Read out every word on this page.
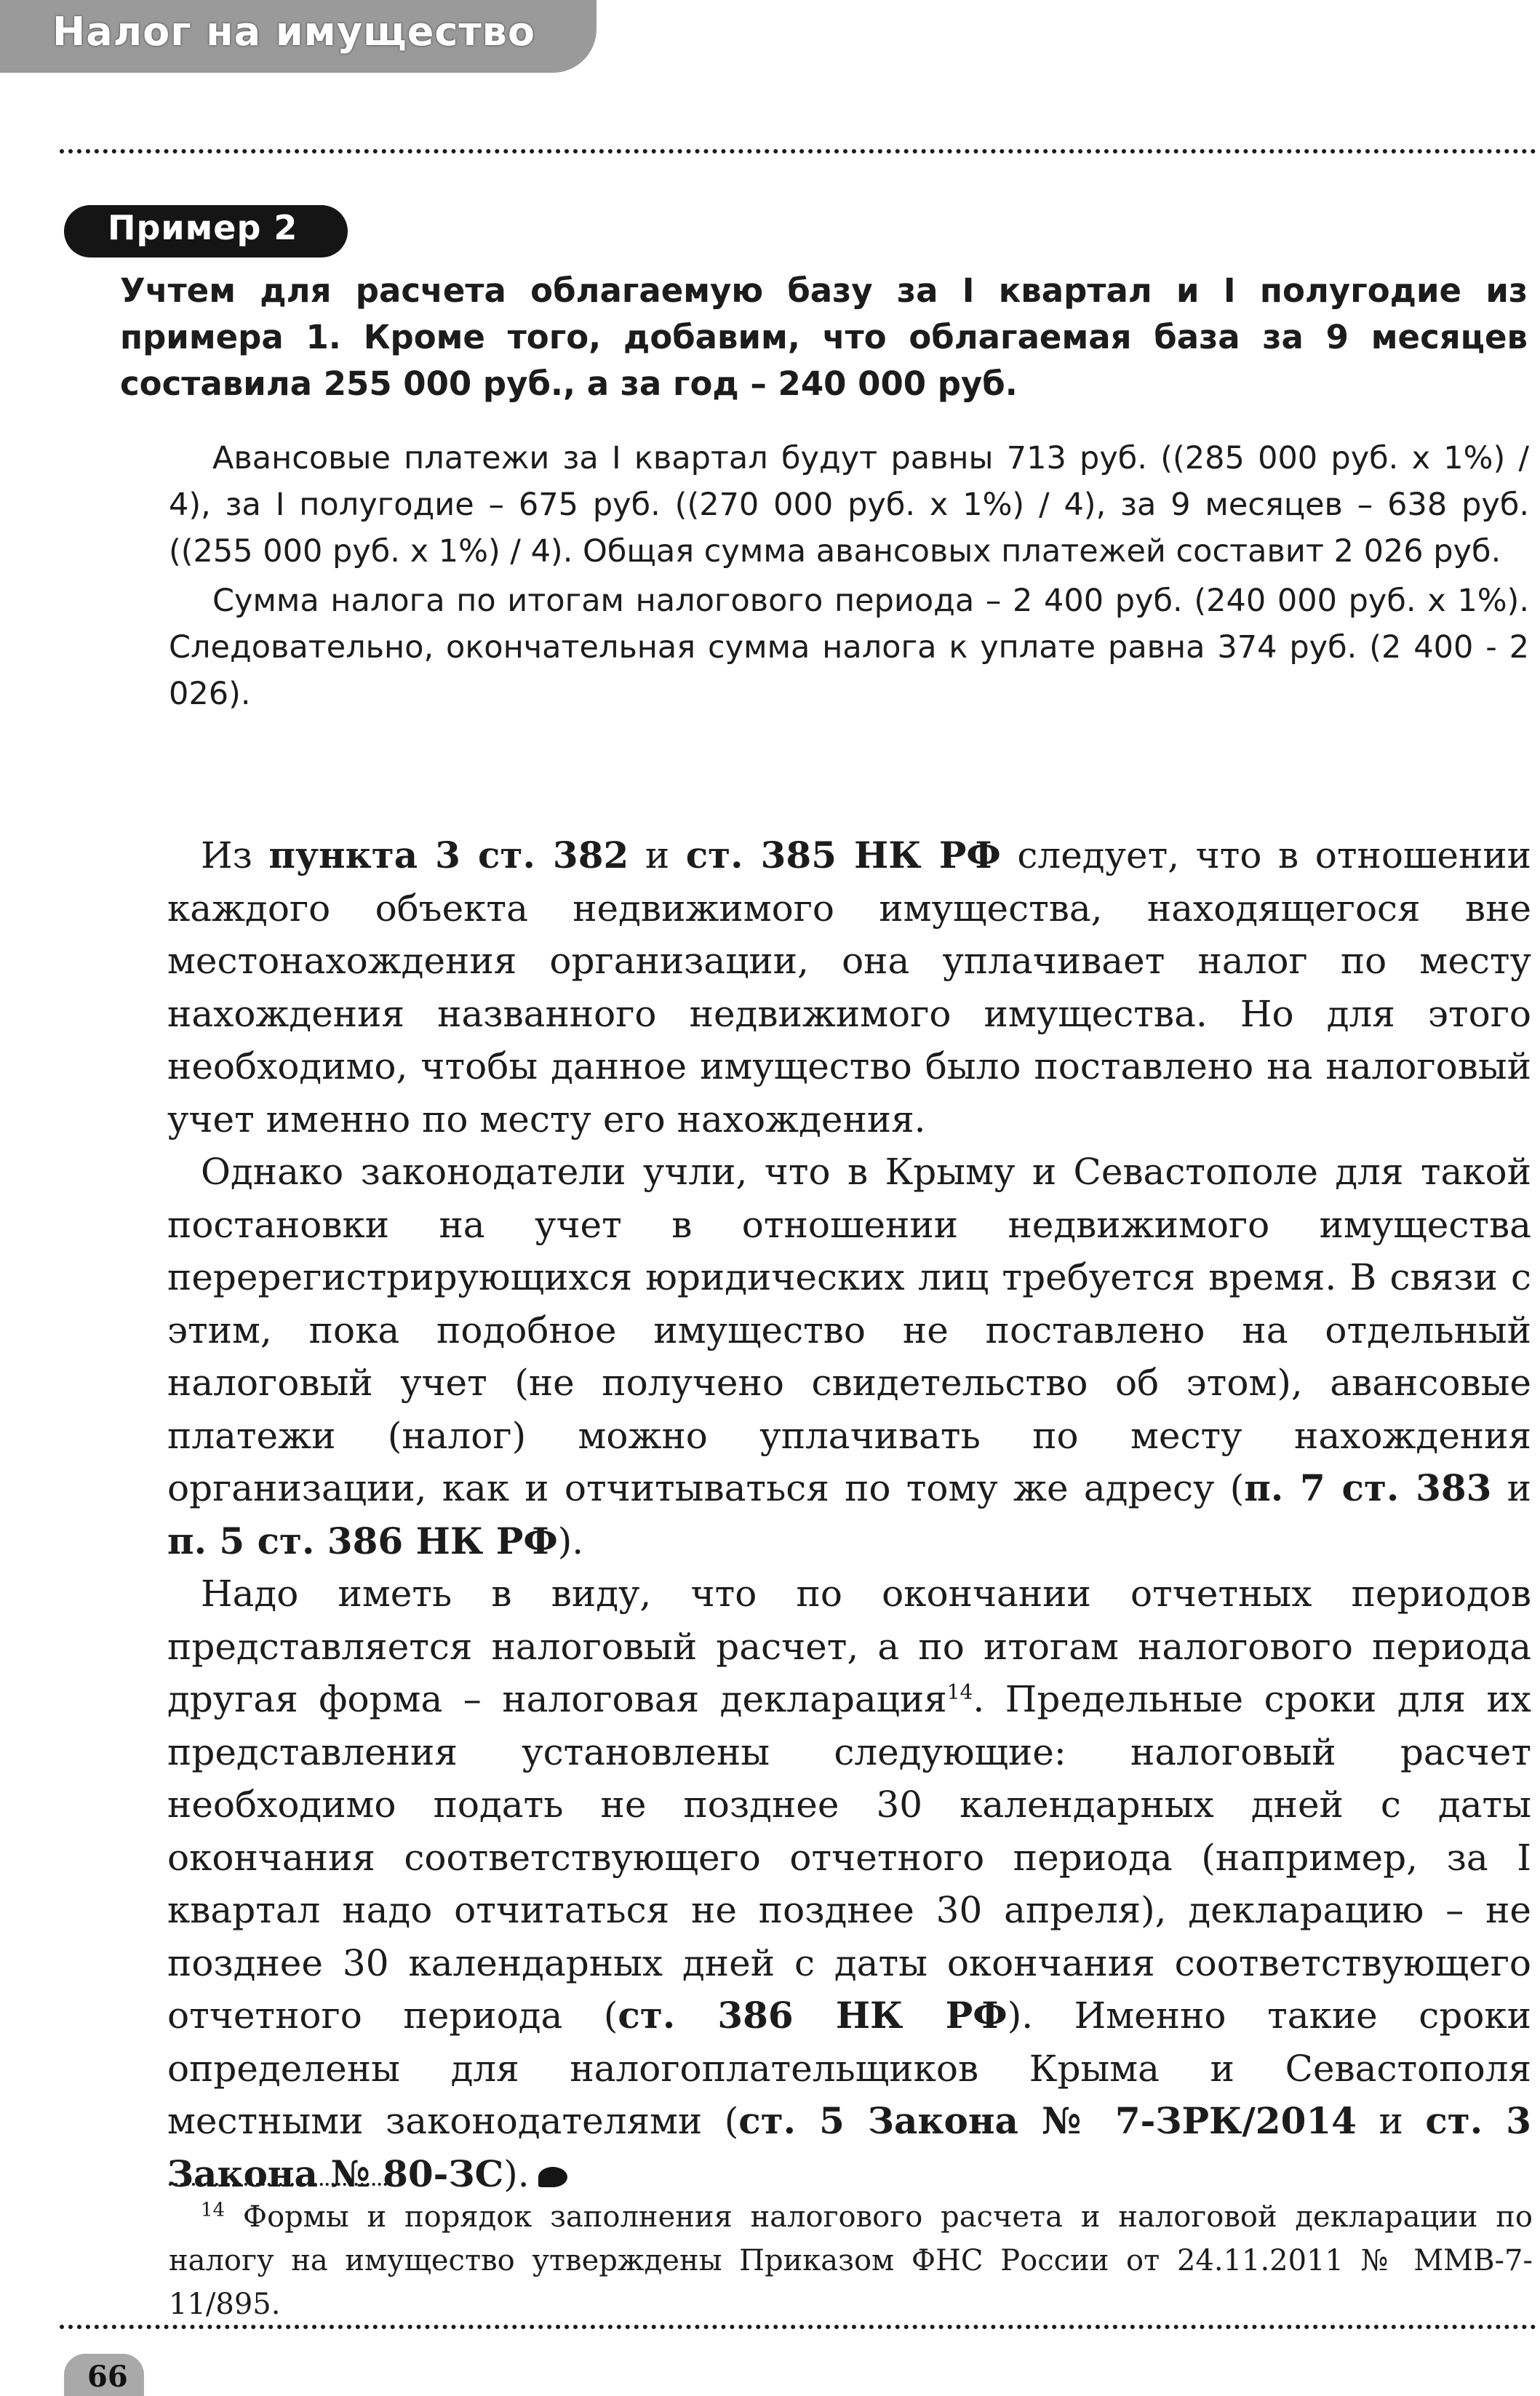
Налог на имущество
Пример 2

Учтем для расчета облагаемую базу за I квартал и I полугодие из примера 1. Кроме того, добавим, что облагаемая база за 9 месяцев составила 255 000 руб., а за год – 240 000 руб.

Авансовые платежи за I квартал будут равны 713 руб. ((285 000 руб. x 1%) / 4), за I полугодие – 675 руб. ((270 000 руб. x 1%) / 4), за 9 месяцев – 638 руб. ((255 000 руб. x 1%) / 4). Общая сумма авансовых платежей составит 2 026 руб.

Сумма налога по итогам налогового периода – 2 400 руб. (240 000 руб. x 1%). Следовательно, окончательная сумма налога к уплате равна 374 руб. (2 400 - 2 026).

Из пункта 3 ст. 382 и ст. 385 НК РФ следует, что в отношении каждого объекта недвижимого имущества, находящегося вне местонахождения организации, она уплачивает налог по месту нахождения названного недвижимого имущества. Но для этого необходимо, чтобы данное имущество было поставлено на налоговый учет именно по месту его нахождения.

Однако законодатели учли, что в Крыму и Севастополе для такой постановки на учет в отношении недвижимого имущества перерегистрирующихся юридических лиц требуется время. В связи с этим, пока подобное имущество не поставлено на отдельный налоговый учет (не получено свидетельство об этом), авансовые платежи (налог) можно уплачивать по месту нахождения организации, как и отчитываться по тому же адресу (п. 7 ст. 383 и п. 5 ст. 386 НК РФ).

Надо иметь в виду, что по окончании отчетных периодов представляется налоговый расчет, а по итогам налогового периода другая форма – налоговая декларация$^{14}$. Предельные сроки для их представления установлены следующие: налоговый расчет необходимо подать не позднее 30 календарных дней с даты окончания соответствующего отчетного периода (например, за I квартал надо отчитаться не позднее 30 апреля), декларацию – не позднее 30 календарных дней с даты окончания соответствующего отчетного периода (ст. 386 НК РФ). Именно такие сроки определены для налогоплательщиков Крыма и Севастополя местными законодателями (ст. 5 Закона № 7-ЗРК/2014 и ст. 3 Закона № 80-ЗС).

$^{14}$ Формы и порядок заполнения налогового расчета и налоговой декларации по налогу на имущество утверждены Приказом ФНС России от 24.11.2011 № ММВ-7-11/895.

66
